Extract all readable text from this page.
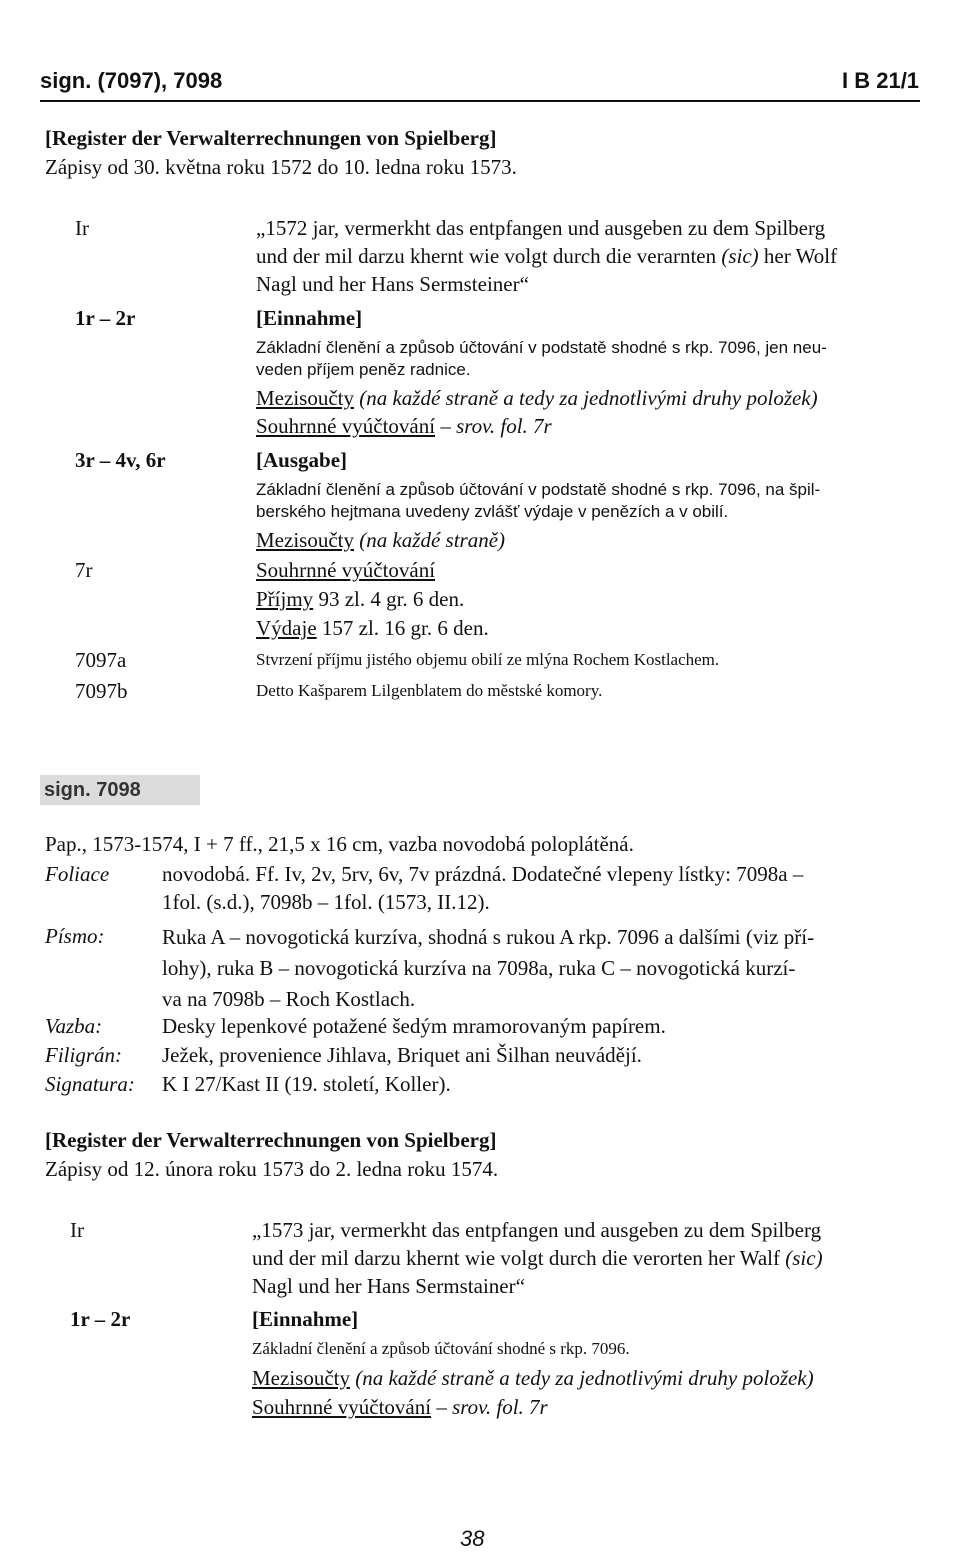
sign. (7097), 7098	I B 21/1
[Register der Verwalterrechnungen von Spielberg]
Zápisy od 30. května roku 1572 do 10. ledna roku 1573.
Ir	„1572 jar, vermerkht das entpfangen und ausgeben zu dem Spilberg
und der mil darzu khernt wie volgt durch die verarnten (sic) her Wolf
Nagl und her Hans Sermsteiner“
1r – 2r	[Einnahme]
Základní členění a způsob účtování v podstatě shodné s rkp. 7096, jen neu-
veden příjem peněz radnice.
Mezisoučty (na každé straně a tedy za jednotlivými druhy položek)
Souhrnné vyúčtování – srov. fol. 7r
3r – 4v, 6r	[Ausgabe]
Základní členění a způsob účtování v podstatě shodné s rkp. 7096, na špil-
berského hejtmana uvedeny zvlášť výdaje v penězích a v obilí.
Mezisoučty (na každé straně)
7r	Souhrnné vyúčtování
Příjmy 93 zl. 4 gr. 6 den.
Výdaje 157 zl. 16 gr. 6 den.
7097a	Stvrzení příjmu jistého objemu obilí ze mlýna Rochem Kostlachem.
7097b	Detto Kašparem Lilgenblatem do městské komory.
sign. 7098
Pap., 1573-1574, I + 7 ff., 21,5 x 16 cm, vazba novodobá poloplátěná.
Foliace	novodobá. Ff. Iv, 2v, 5rv, 6v, 7v prázdná. Dodatečné vlepeny lístky: 7098a –
1fol. (s.d.), 7098b – 1fol. (1573, II.12).
Písmo:	Ruka A – novogotická kurzíva, shodná s rukou A rkp. 7096 a dalšími (viz pří-
lohy), ruka B – novogotická kurzíva na 7098a, ruka C – novogotická kurzí-
va na 7098b – Roch Kostlach.
Vazba:	Desky lepenkové potažené šedým mramorovaným papírem.
Filigrán: Ježek, provenience Jihlava, Briquet ani Šilhan neuvádějí.
Signatura: K I 27/Kast II (19. století, Koller).
[Register der Verwalterrechnungen von Spielberg]
Zápisy od 12. února roku 1573 do 2. ledna roku 1574.
Ir	„1573 jar, vermerkht das entpfangen und ausgeben zu dem Spilberg
und der mil darzu khernt wie volgt durch die verorten her Walf (sic)
Nagl und her Hans Sermstainer“
1r – 2r	[Einnahme]
Základní členění a způsob účtování shodné s rkp. 7096.
Mezisoučty (na každé straně a tedy za jednotlivými druhy položek)
Souhrnné vyúčtování – srov. fol. 7r
38
